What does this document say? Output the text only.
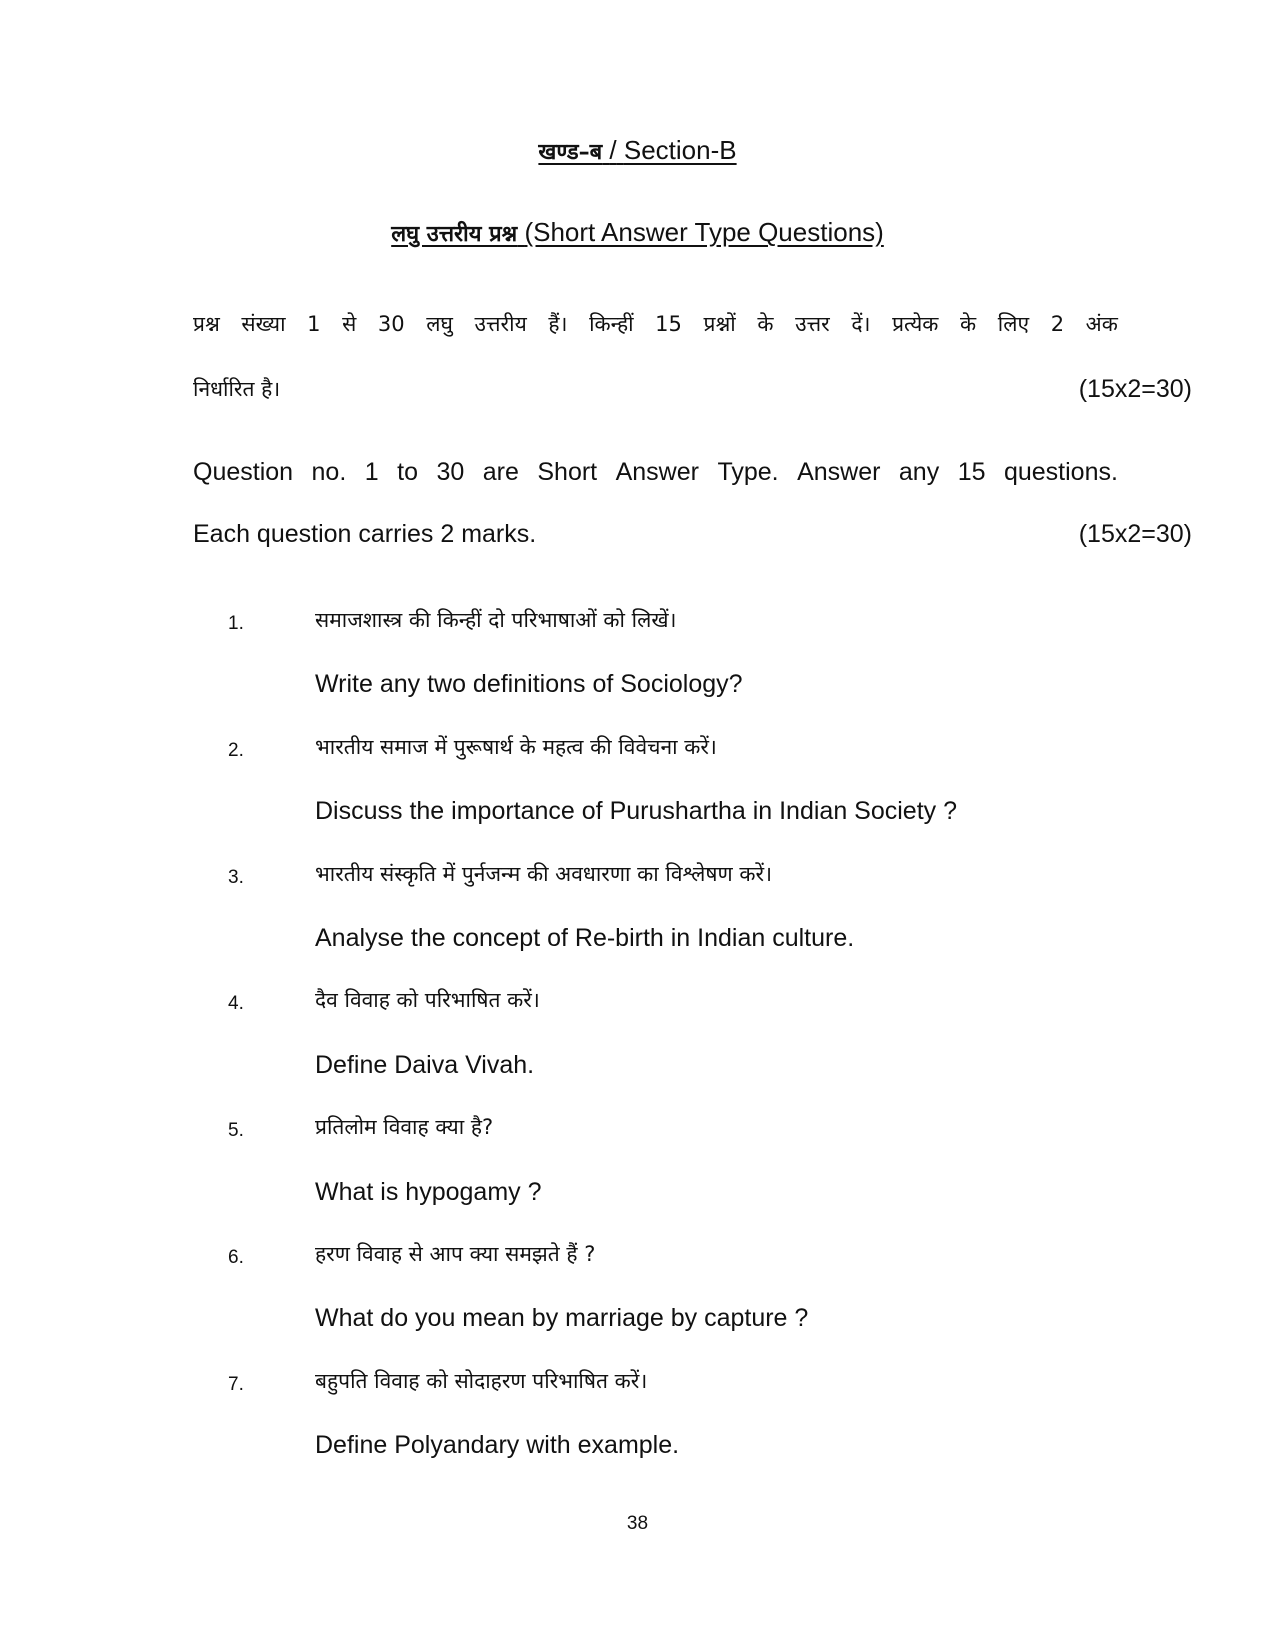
खण्ड–ब / Section-B
लघु उत्तरीय प्रश्न (Short Answer Type Questions)
प्रश्न संख्या 1 से 30 लघु उत्तरीय हैं। किन्हीं 15 प्रश्नों के उत्तर दें। प्रत्येक के लिए 2 अंक
निर्धारित है।	(15x2=30)
Question no. 1 to 30 are Short Answer Type. Answer any 15 questions.
Each question carries 2 marks.	(15x2=30)
1.	समाजशास्त्र की किन्हीं दो परिभाषाओं को लिखें।
Write any two definitions of Sociology?
2.	भारतीय समाज में पुरूषार्थ के महत्व की विवेचना करें।
Discuss the importance of Purushartha in Indian Society ?
3.	भारतीय संस्कृति में पुर्नजन्म की अवधारणा का विश्लेषण करें।
Analyse the concept of Re-birth in Indian culture.
4.	दैव विवाह को परिभाषित करें।
Define Daiva Vivah.
5.	प्रतिलोम विवाह क्या है?
What is hypogamy ?
6.	हरण विवाह से आप क्या समझते हैं ?
What do you mean by marriage by capture ?
7.	बहुपति विवाह को सोदाहरण परिभाषित करें।
Define Polyandary with example.
38
